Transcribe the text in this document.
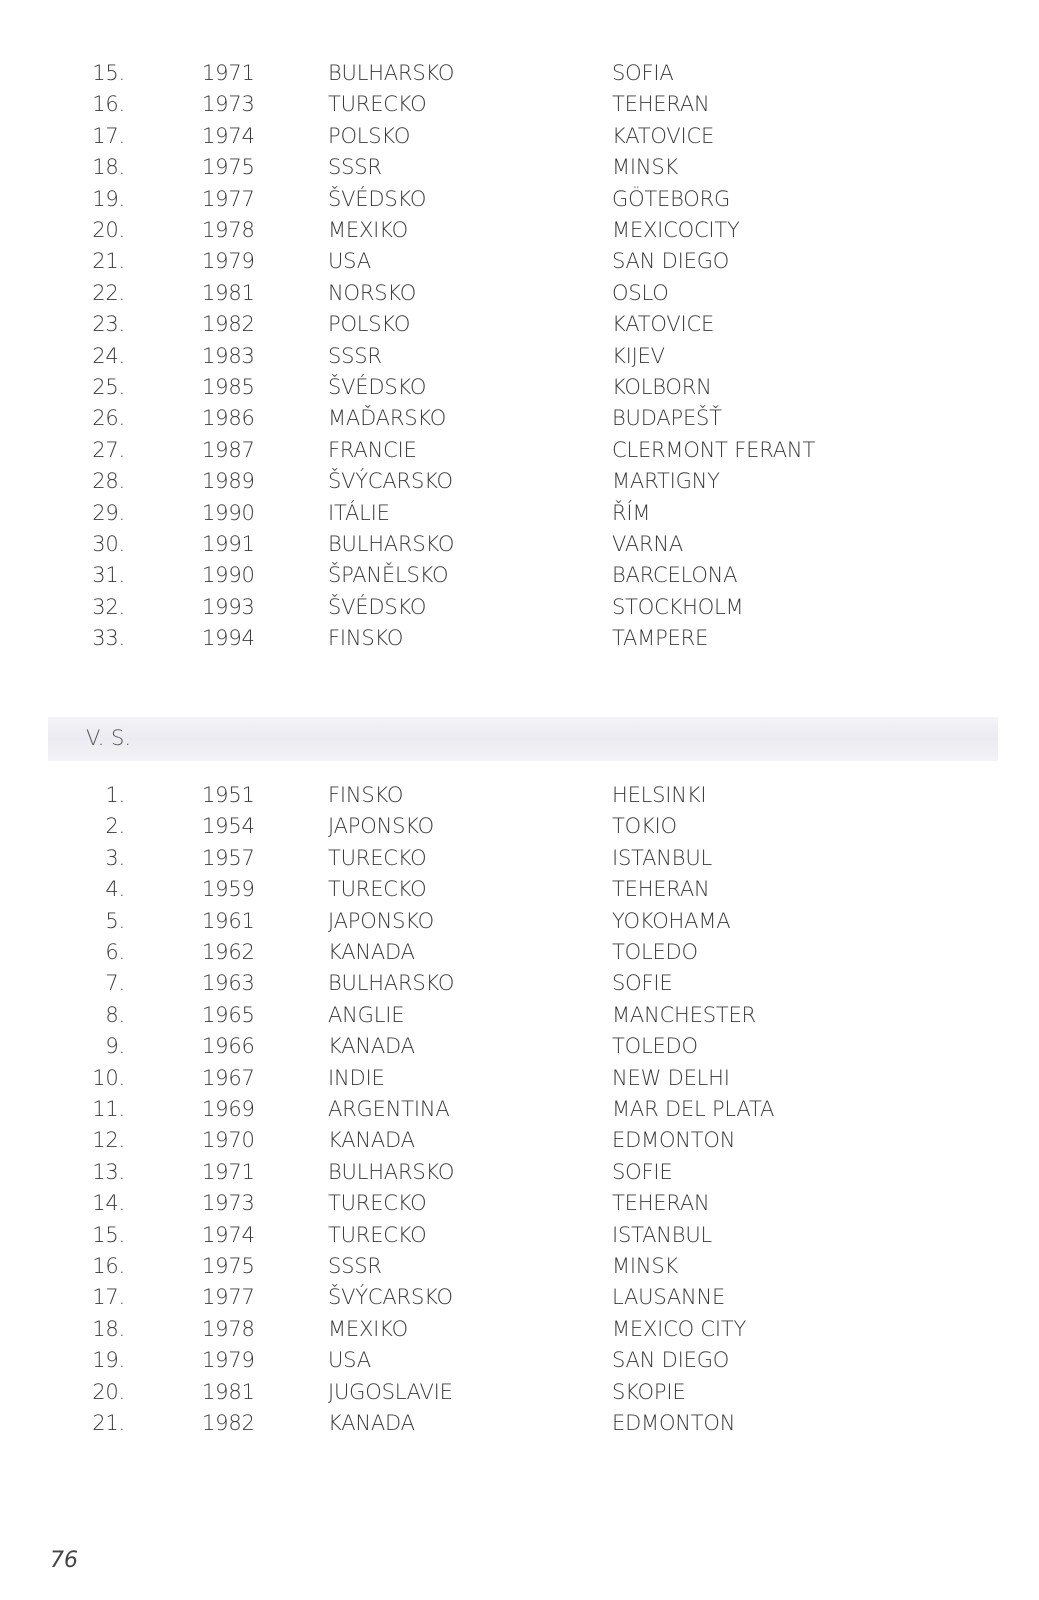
15.	1971	BULHARSKO	SOFIA
16.	1973	TURECKO	TEHERAN
17.	1974	POLSKO	KATOVICE
18.	1975	SSSR	MINSK
19.	1977	ŠVÉDSKO	GÖTEBORG
20.	1978	MEXIKO	MEXICOCITY
21.	1979	USA	SAN DIEGO
22.	1981	NORSKO	OSLO
23.	1982	POLSKO	KATOVICE
24.	1983	SSSR	KIJEV
25.	1985	ŠVÉDSKO	KOLBORN
26.	1986	MAĎARSKO	BUDAPEŠŤ
27.	1987	FRANCIE	CLERMONT FERANT
28.	1989	ŠVÝCARSKO	MARTIGNY
29.	1990	ITÁLIE	ŘÍM
30.	1991	BULHARSKO	VARNA
31.	1990	ŠPANĚLSKO	BARCELONA
32.	1993	ŠVÉDSKO	STOCKHOLM
33.	1994	FINSKO	TAMPERE
V. S.
1.	1951	FINSKO	HELSINKI
2.	1954	JAPONSKO	TOKIO
3.	1957	TURECKO	ISTANBUL
4.	1959	TURECKO	TEHERAN
5.	1961	JAPONSKO	YOKOHAMA
6.	1962	KANADA	TOLEDO
7.	1963	BULHARSKO	SOFIE
8.	1965	ANGLIE	MANCHESTER
9.	1966	KANADA	TOLEDO
10.	1967	INDIE	NEW DELHI
11.	1969	ARGENTINA	MAR DEL PLATA
12.	1970	KANADA	EDMONTON
13.	1971	BULHARSKO	SOFIE
14.	1973	TURECKO	TEHERAN
15.	1974	TURECKO	ISTANBUL
16.	1975	SSSR	MINSK
17.	1977	ŠVÝCARSKO	LAUSANNE
18.	1978	MEXIKO	MEXICO CITY
19.	1979	USA	SAN DIEGO
20.	1981	JUGOSLAVIE	SKOPIE
21.	1982	KANADA	EDMONTON
76
